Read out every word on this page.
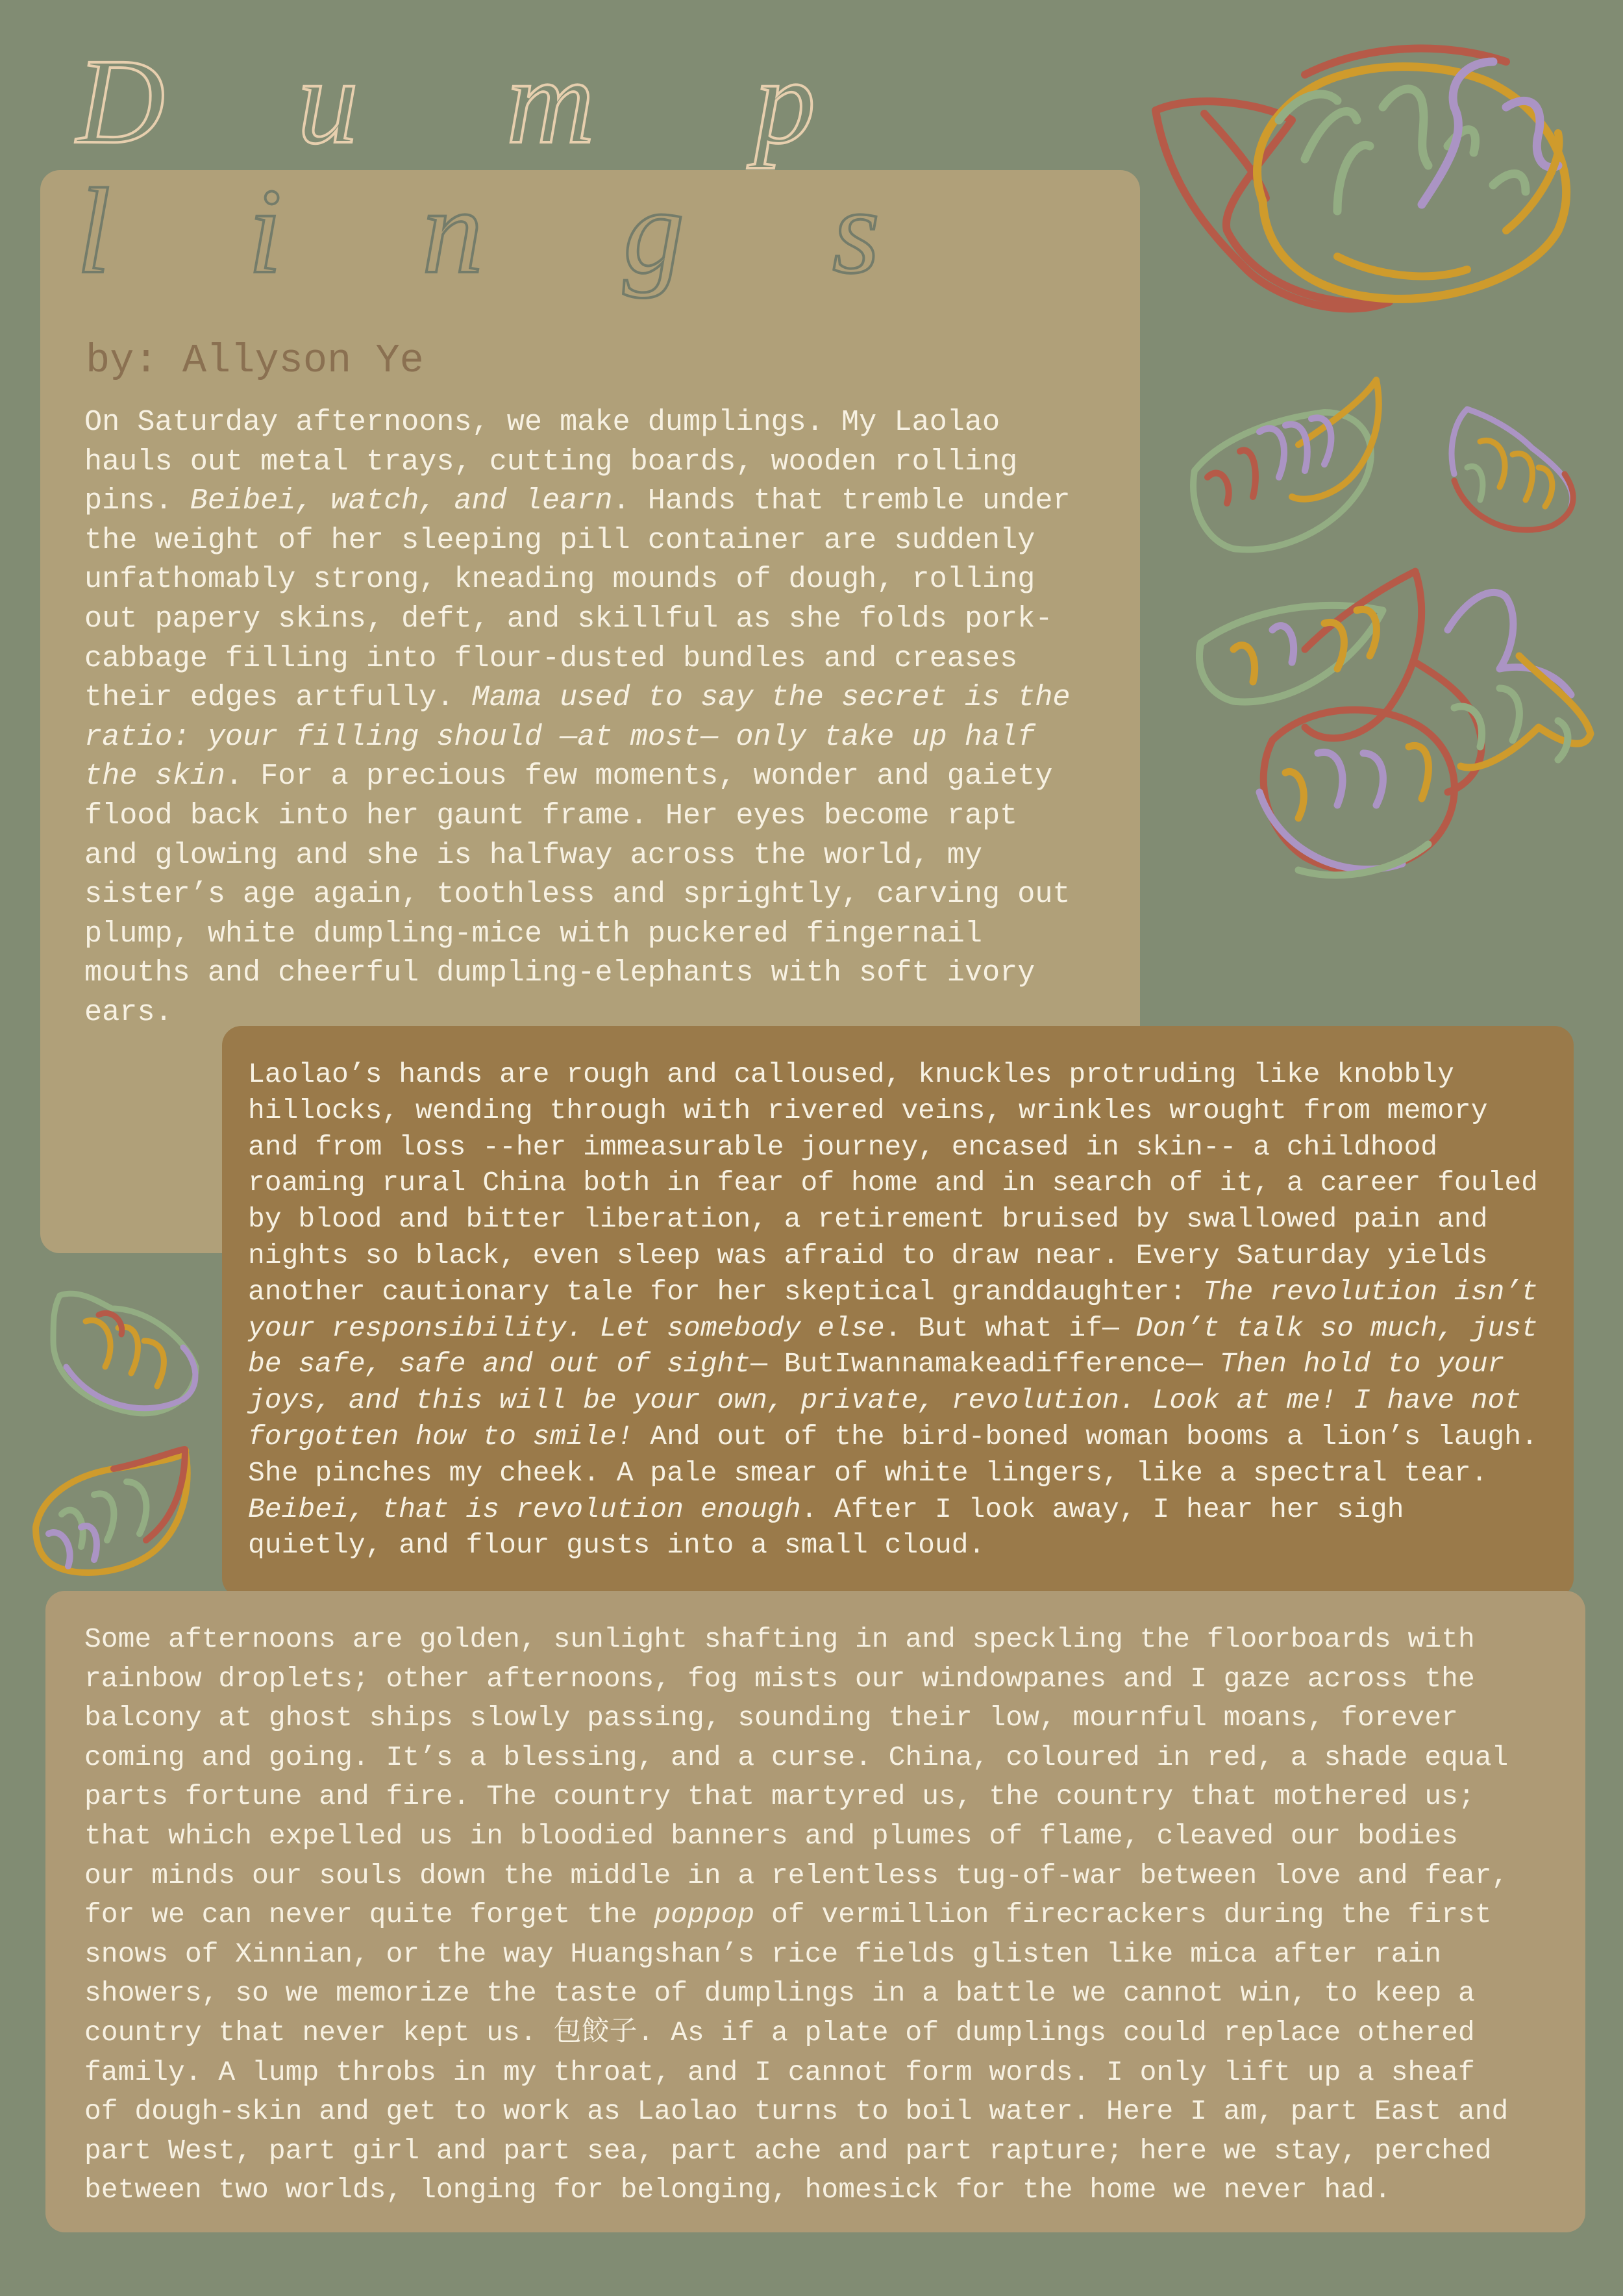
D u m p
l i n g s

by: Allyson Ye

On Saturday afternoons, we make dumplings. My Laolao
hauls out metal trays, cutting boards, wooden rolling
pins. Beibei, watch, and learn. Hands that tremble under
the weight of her sleeping pill container are suddenly
unfathomably strong, kneading mounds of dough, rolling
out papery skins, deft, and skillful as she folds pork-
cabbage filling into flour-dusted bundles and creases
their edges artfully. Mama used to say the secret is the
ratio: your filling should —at most— only take up half
the skin. For a precious few moments, wonder and gaiety
flood back into her gaunt frame. Her eyes become rapt
and glowing and she is halfway across the world, my
sister’s age again, toothless and sprightly, carving out
plump, white dumpling-mice with puckered fingernail
mouths and cheerful dumpling-elephants with soft ivory
ears.
Laolao’s hands are rough and calloused, knuckles protruding like knobbly
hillocks, wending through with rivered veins, wrinkles wrought from memory
and from loss --her immeasurable journey, encased in skin-- a childhood
roaming rural China both in fear of home and in search of it, a career fouled
by blood and bitter liberation, a retirement bruised by swallowed pain and
nights so black, even sleep was afraid to draw near. Every Saturday yields
another cautionary tale for her skeptical granddaughter: The revolution isn’t
your responsibility. Let somebody else. But what if— Don’t talk so much, just
be safe, safe and out of sight— ButIwannamakeadifference— Then hold to your
joys, and this will be your own, private, revolution. Look at me! I have not
forgotten how to smile! And out of the bird-boned woman booms a lion’s laugh.
She pinches my cheek. A pale smear of white lingers, like a spectral tear.
Beibei, that is revolution enough. After I look away, I hear her sigh
quietly, and flour gusts into a small cloud.
Some afternoons are golden, sunlight shafting in and speckling the floorboards with
rainbow droplets; other afternoons, fog mists our windowpanes and I gaze across the
balcony at ghost ships slowly passing, sounding their low, mournful moans, forever
coming and going. It’s a blessing, and a curse. China, coloured in red, a shade equal
parts fortune and fire. The country that martyred us, the country that mothered us;
that which expelled us in bloodied banners and plumes of flame, cleaved our bodies
our minds our souls down the middle in a relentless tug-of-war between love and fear,
for we can never quite forget the poppop of vermillion firecrackers during the first
snows of Xinnian, or the way Huangshan’s rice fields glisten like mica after rain
showers, so we memorize the taste of dumplings in a battle we cannot win, to keep a
country that never kept us. 包餃子. As if a plate of dumplings could replace othered
family. A lump throbs in my throat, and I cannot form words. I only lift up a sheaf
of dough-skin and get to work as Laolao turns to boil water. Here I am, part East and
part West, part girl and part sea, part ache and part rapture; here we stay, perched
between two worlds, longing for belonging, homesick for the home we never had.
